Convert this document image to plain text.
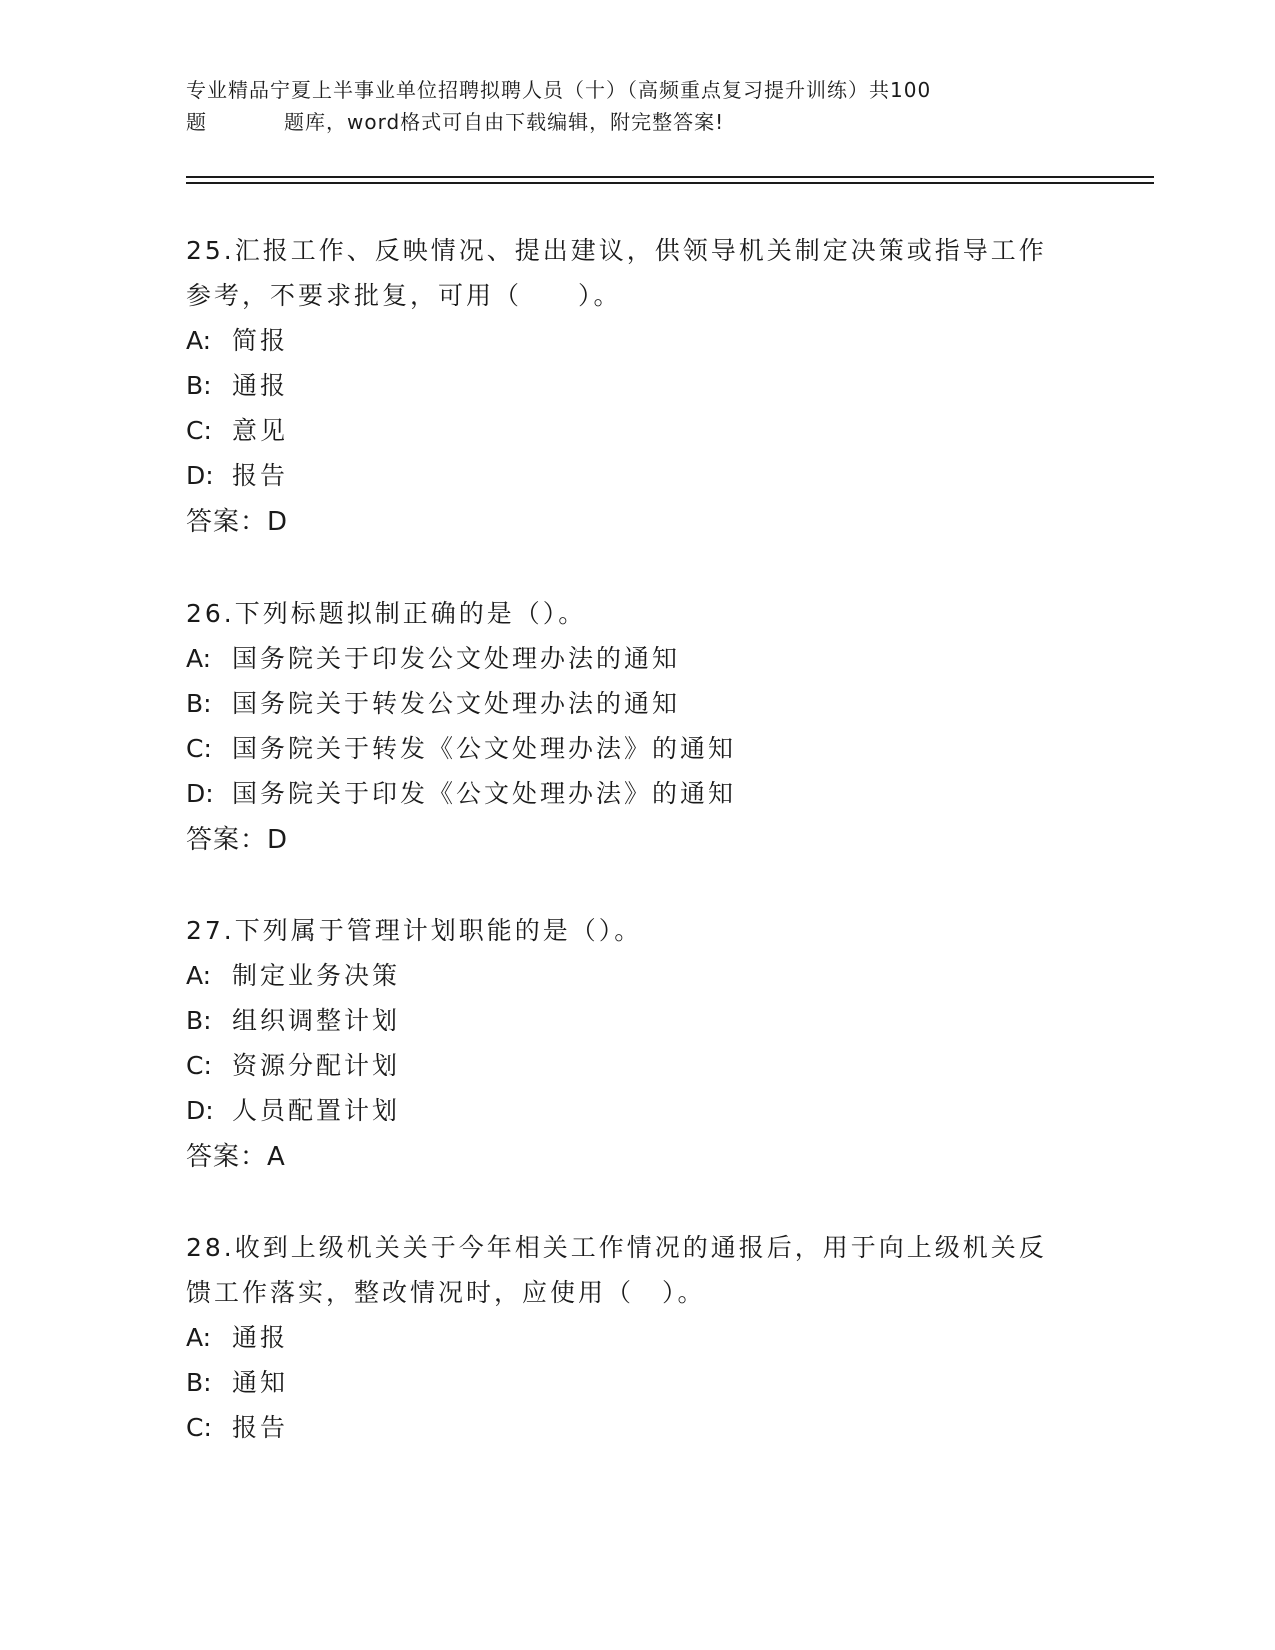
专业精品宁夏上半事业单位招聘拟聘人员（十）（高频重点复习提升训练）共100
题	题库，word格式可自由下载编辑，附完整答案!
25.汇报工作、反映情况、提出建议，供领导机关制定决策或指导工作
参考，不要求批复，可用（　　）。
A: 简报
B: 通报
C: 意见
D: 报告
答案：D
26.下列标题拟制正确的是（）。
A: 国务院关于印发公文处理办法的通知
B: 国务院关于转发公文处理办法的通知
C: 国务院关于转发《公文处理办法》的通知
D: 国务院关于印发《公文处理办法》的通知
答案：D
27.下列属于管理计划职能的是（）。
A: 制定业务决策
B: 组织调整计划
C: 资源分配计划
D: 人员配置计划
答案：A
28.收到上级机关关于今年相关工作情况的通报后，用于向上级机关反
馈工作落实，整改情况时，应使用（　）。
A: 通报
B: 通知
C: 报告
